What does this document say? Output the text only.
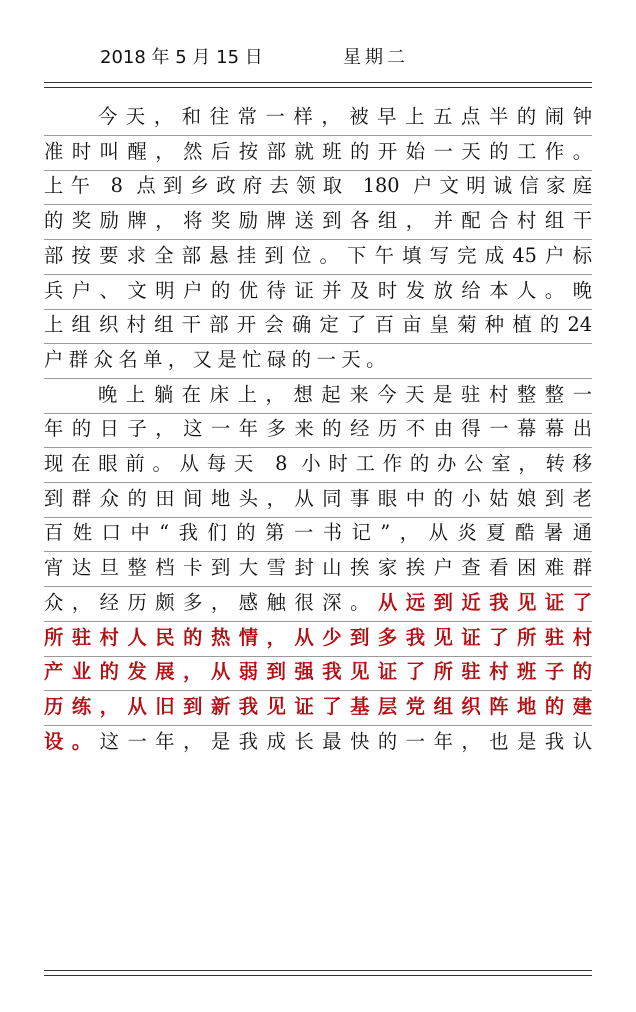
2018 年 5 月 15 日	星期二
今天，和往常一样，被早上五点半的闹钟
准时叫醒，然后按部就班的开始一天的工作。
上午 8 点到乡政府去领取 180 户文明诚信家庭
的奖励牌，将奖励牌送到各组，并配合村组干
部按要求全部悬挂到位。下午填写完成45户标
兵户、文明户的优待证并及时发放给本人。晚
上组织村组干部开会确定了百亩皇菊种植的24
户群众名单，又是忙碌的一天。
晚上躺在床上，想起来今天是驻村整整一
年的日子，这一年多来的经历不由得一幕幕出
现在眼前。从每天 8 小时工作的办公室，转移
到群众的田间地头，从同事眼中的小姑娘到老
百姓口中“我们的第一书记”，从炎夏酷暑通
宵达旦整档卡到大雪封山挨家挨户查看困难群
众，经历颇多，感触很深。从远到近我见证了
所驻村人民的热情，从少到多我见证了所驻村
产业的发展，从弱到强我见证了所驻村班子的
历练，从旧到新我见证了基层党组织阵地的建
设。这一年，是我成长最快的一年，也是我认
